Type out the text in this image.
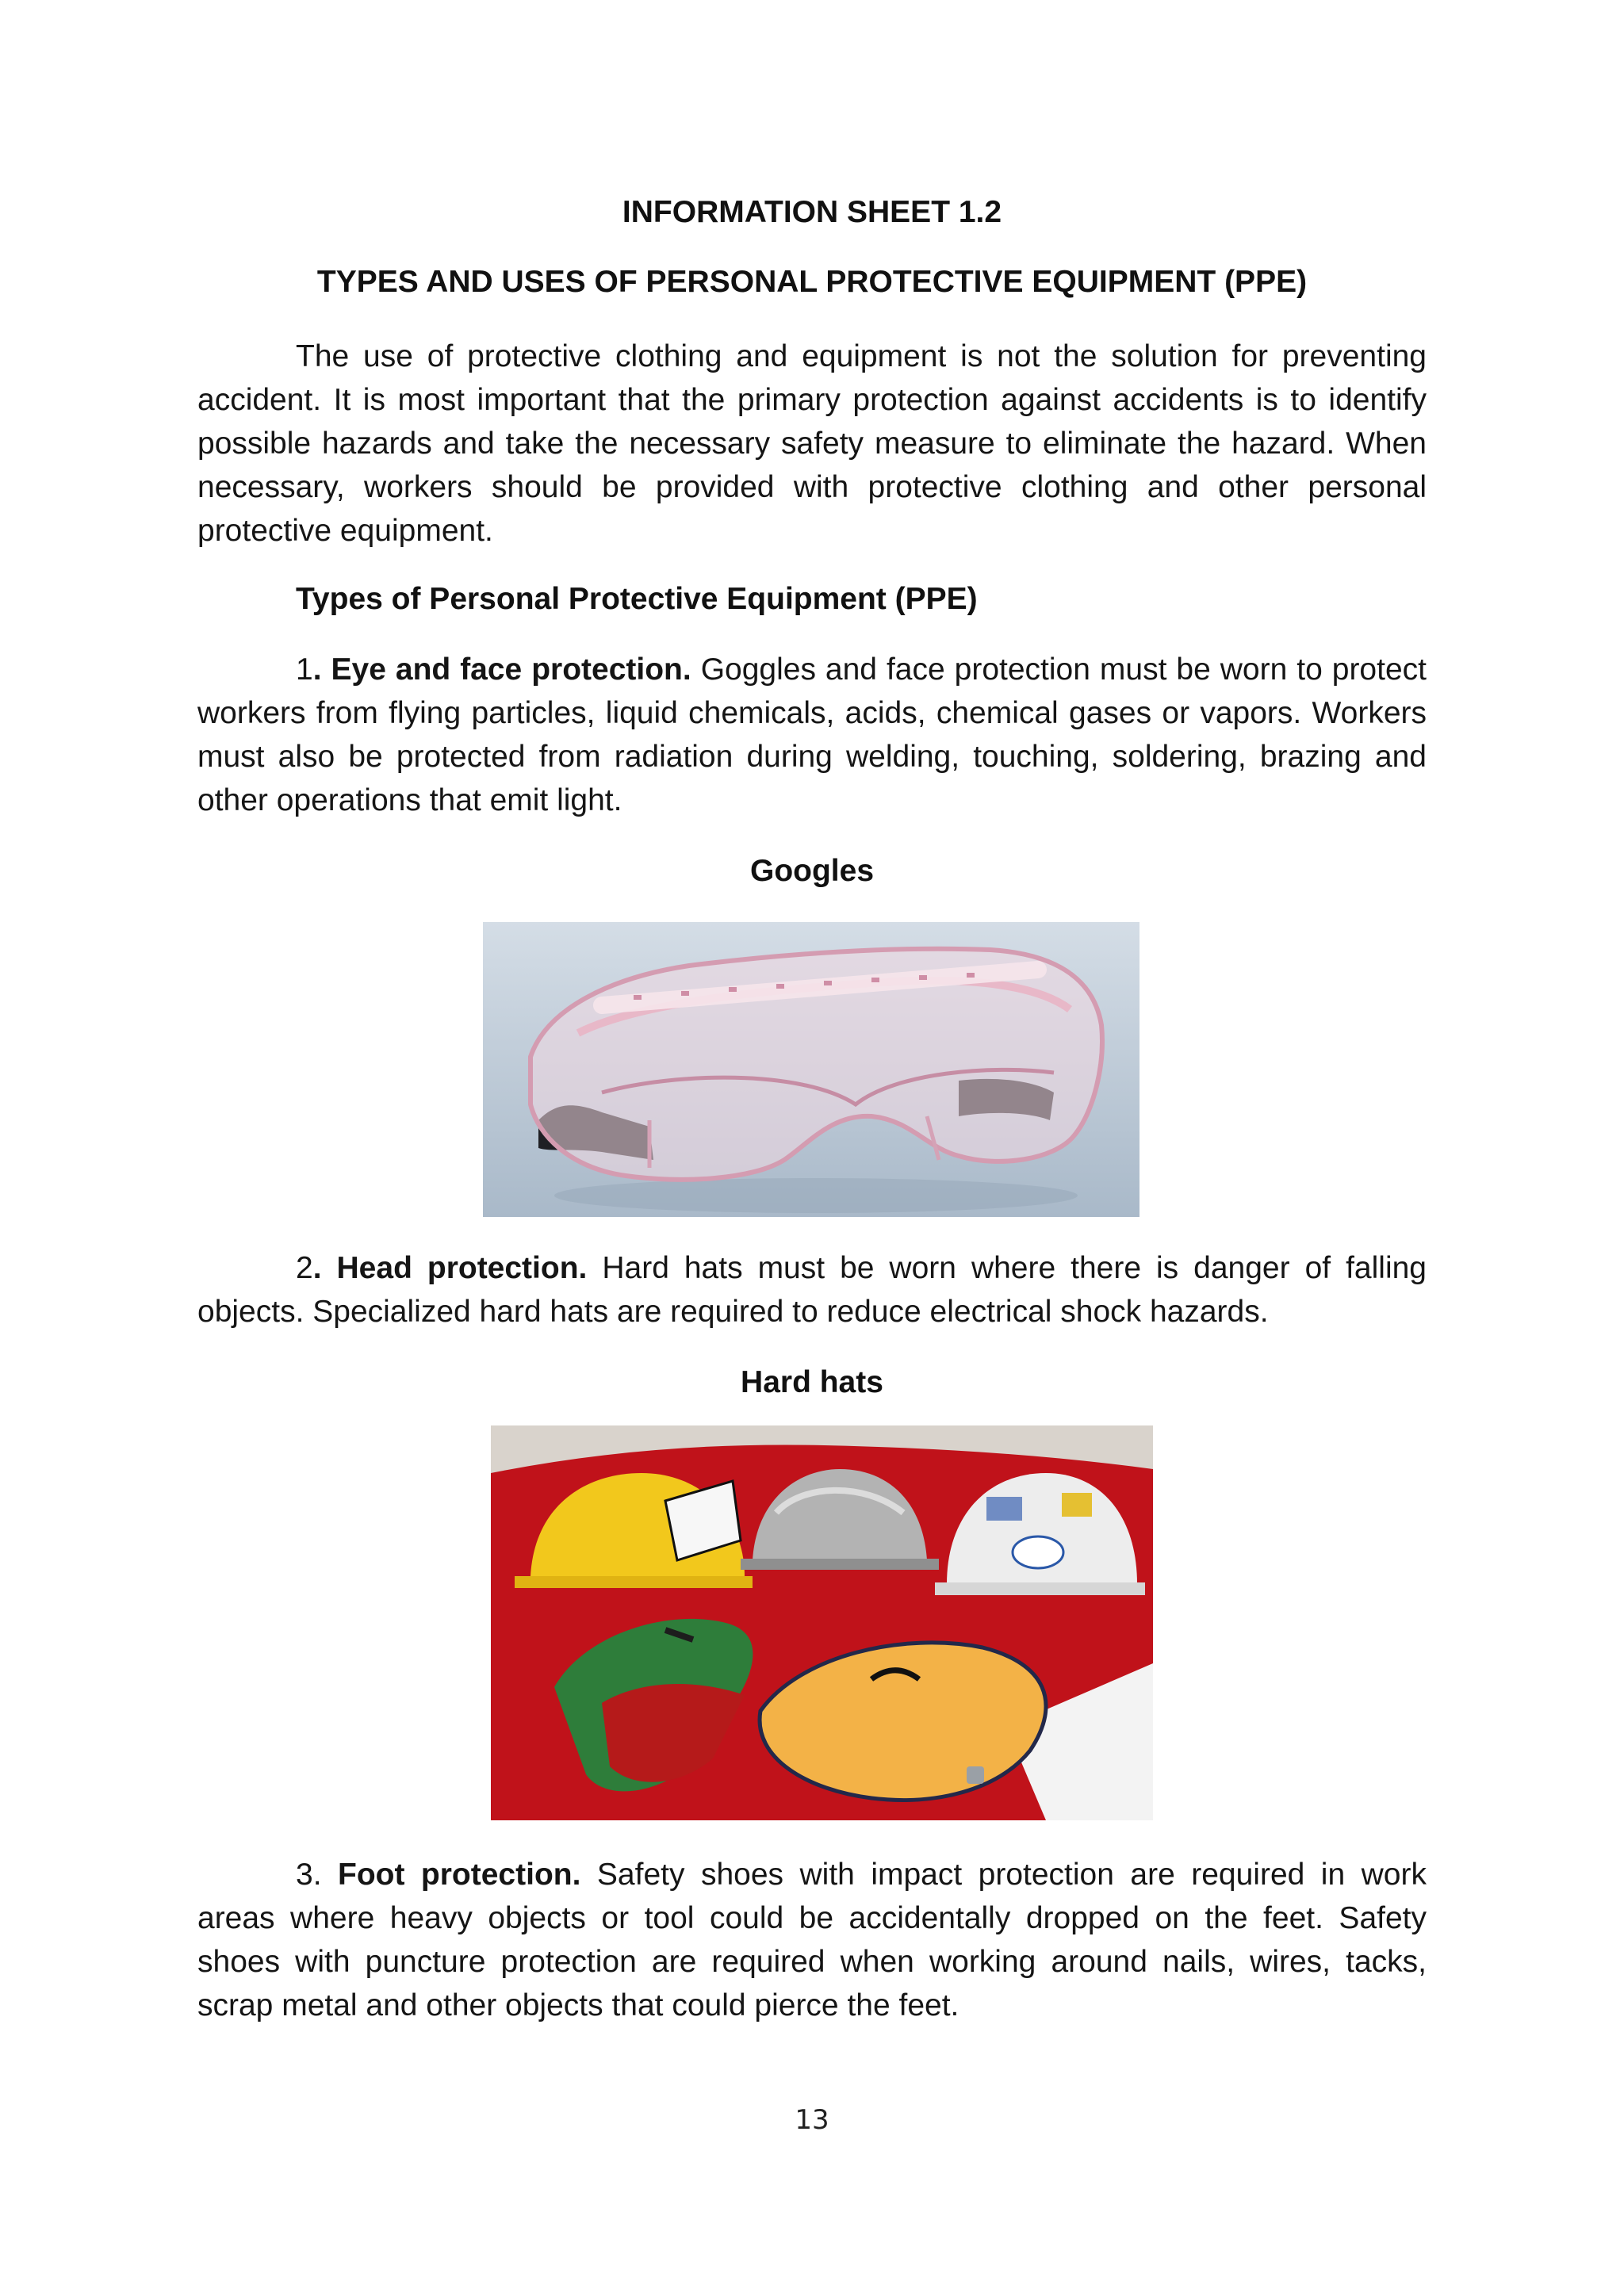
INFORMATION SHEET 1.2
TYPES AND USES OF PERSONAL PROTECTIVE EQUIPMENT (PPE)
The use of protective clothing and equipment is not the solution for preventing accident. It is most important that the primary protection against accidents is to identify possible hazards and take the necessary safety measure to eliminate the hazard. When necessary, workers should be provided with protective clothing and other personal protective equipment.
Types of Personal Protective Equipment (PPE)
1. Eye and face protection. Goggles and face protection must be worn to protect workers from flying particles, liquid chemicals, acids, chemical gases or vapors. Workers must also be protected from radiation during welding, touching, soldering, brazing and other operations that emit light.
Googles
2. Head protection. Hard hats must be worn where there is danger of falling objects. Specialized hard hats are required to reduce electrical shock hazards.
Hard hats
3. Foot protection. Safety shoes with impact protection are required in work areas where heavy objects or tool could be accidentally dropped on the feet. Safety shoes with puncture protection are required when working around nails, wires, tacks, scrap metal and other objects that could pierce the feet.
13
